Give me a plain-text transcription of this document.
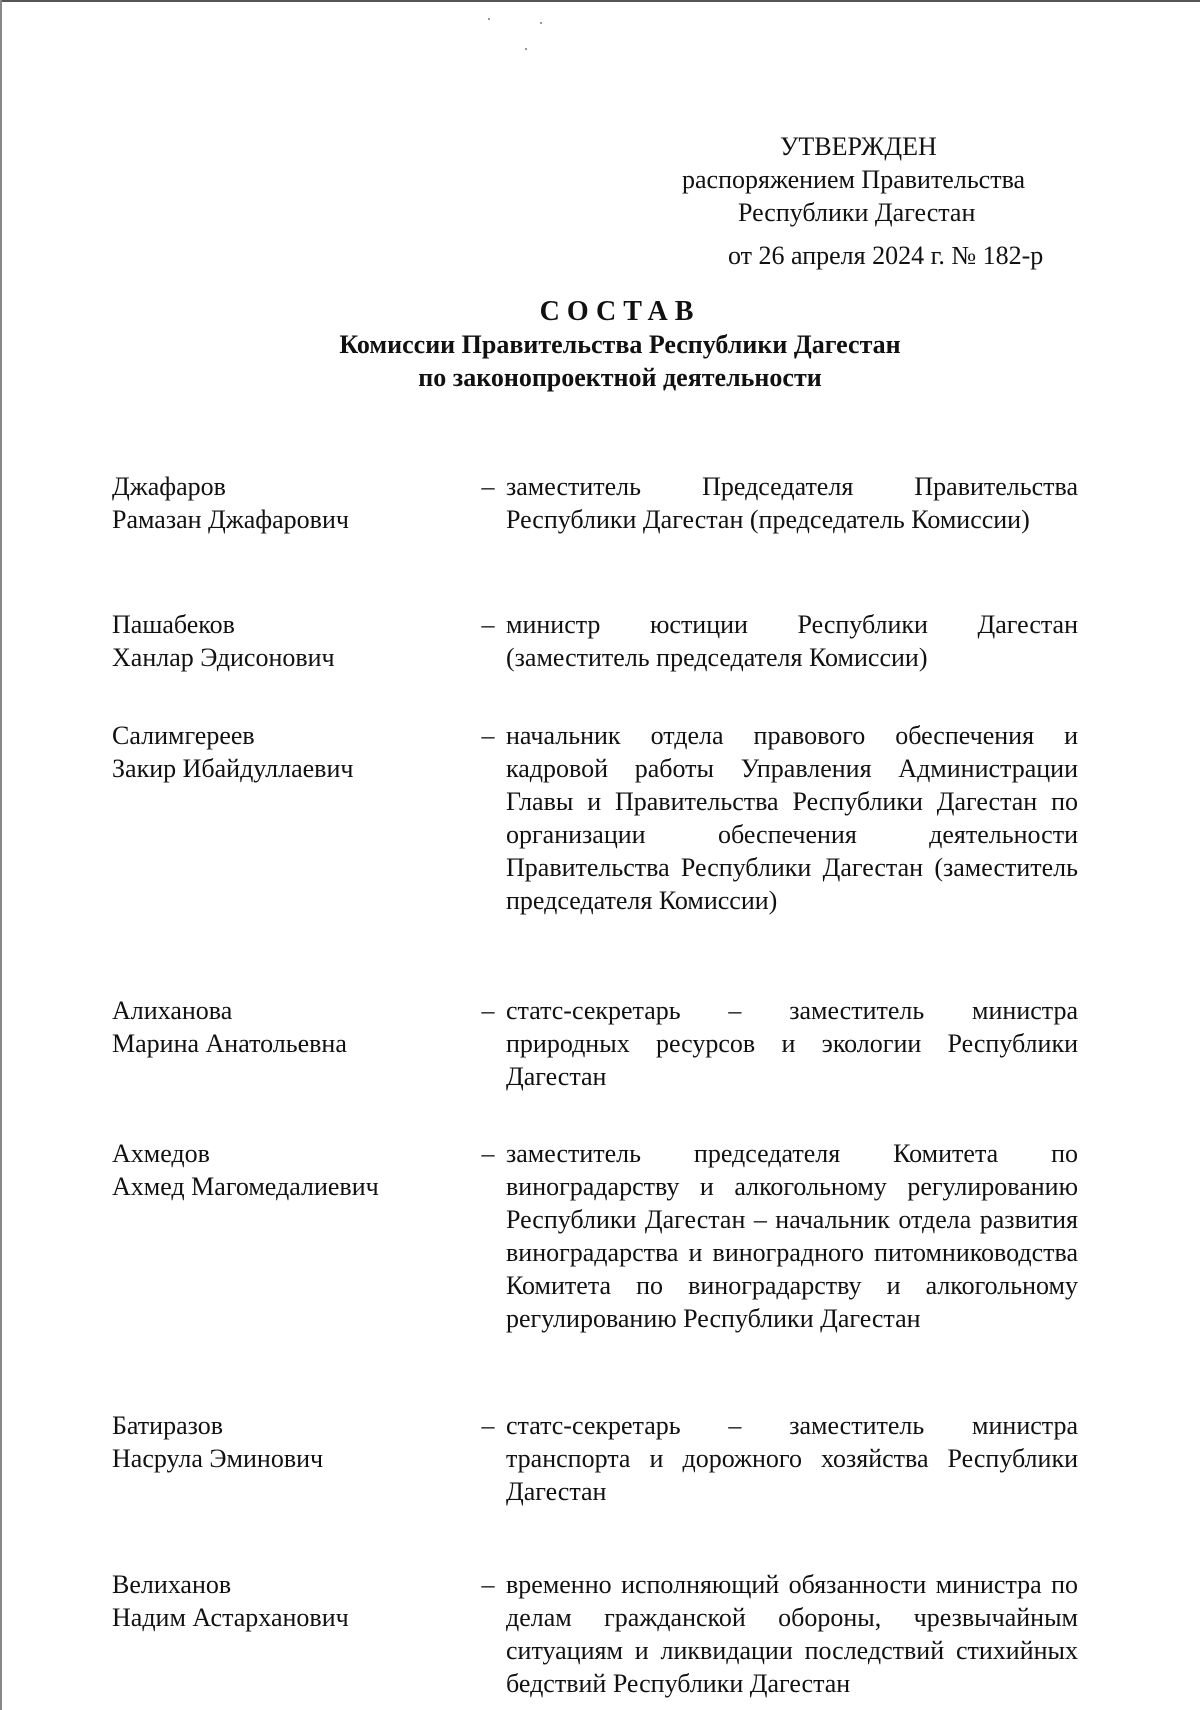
УТВЕРЖДЕН
распоряжением Правительства
Республики Дагестан
от 26 апреля 2024 г. № 182-р
СОСТАВ
Комиссии Правительства Республики Дагестан
по законопроектной деятельности
Джафаров
Рамазан Джафарович
– заместитель Председателя Правительства Республики Дагестан (председатель Комиссии)
Пашабеков
Ханлар Эдисонович
– министр юстиции Республики Дагестан (заместитель председателя Комиссии)
Салимгереев
Закир Ибайдуллаевич
– начальник отдела правового обеспечения и кадровой работы Управления Администрации Главы и Правительства Республики Дагестан по организации обеспечения деятельности Правительства Республики Дагестан (заместитель председателя Комиссии)
Алиханова
Марина Анатольевна
– статс-секретарь – заместитель министра природных ресурсов и экологии Республики Дагестан
Ахмедов
Ахмед Магомедалиевич
– заместитель председателя Комитета по виноградарству и алкогольному регулированию Республики Дагестан – начальник отдела развития виноградарства и виноградного питомниководства Комитета по виноградарству и алкогольному регулированию Республики Дагестан
Батиразов
Насрула Эминович
– статс-секретарь – заместитель министра транспорта и дорожного хозяйства Республики Дагестан
Велиханов
Надим Астарханович
– временно исполняющий обязанности министра по делам гражданской обороны, чрезвычайным ситуациям и ликвидации последствий стихийных бедствий Республики Дагестан
